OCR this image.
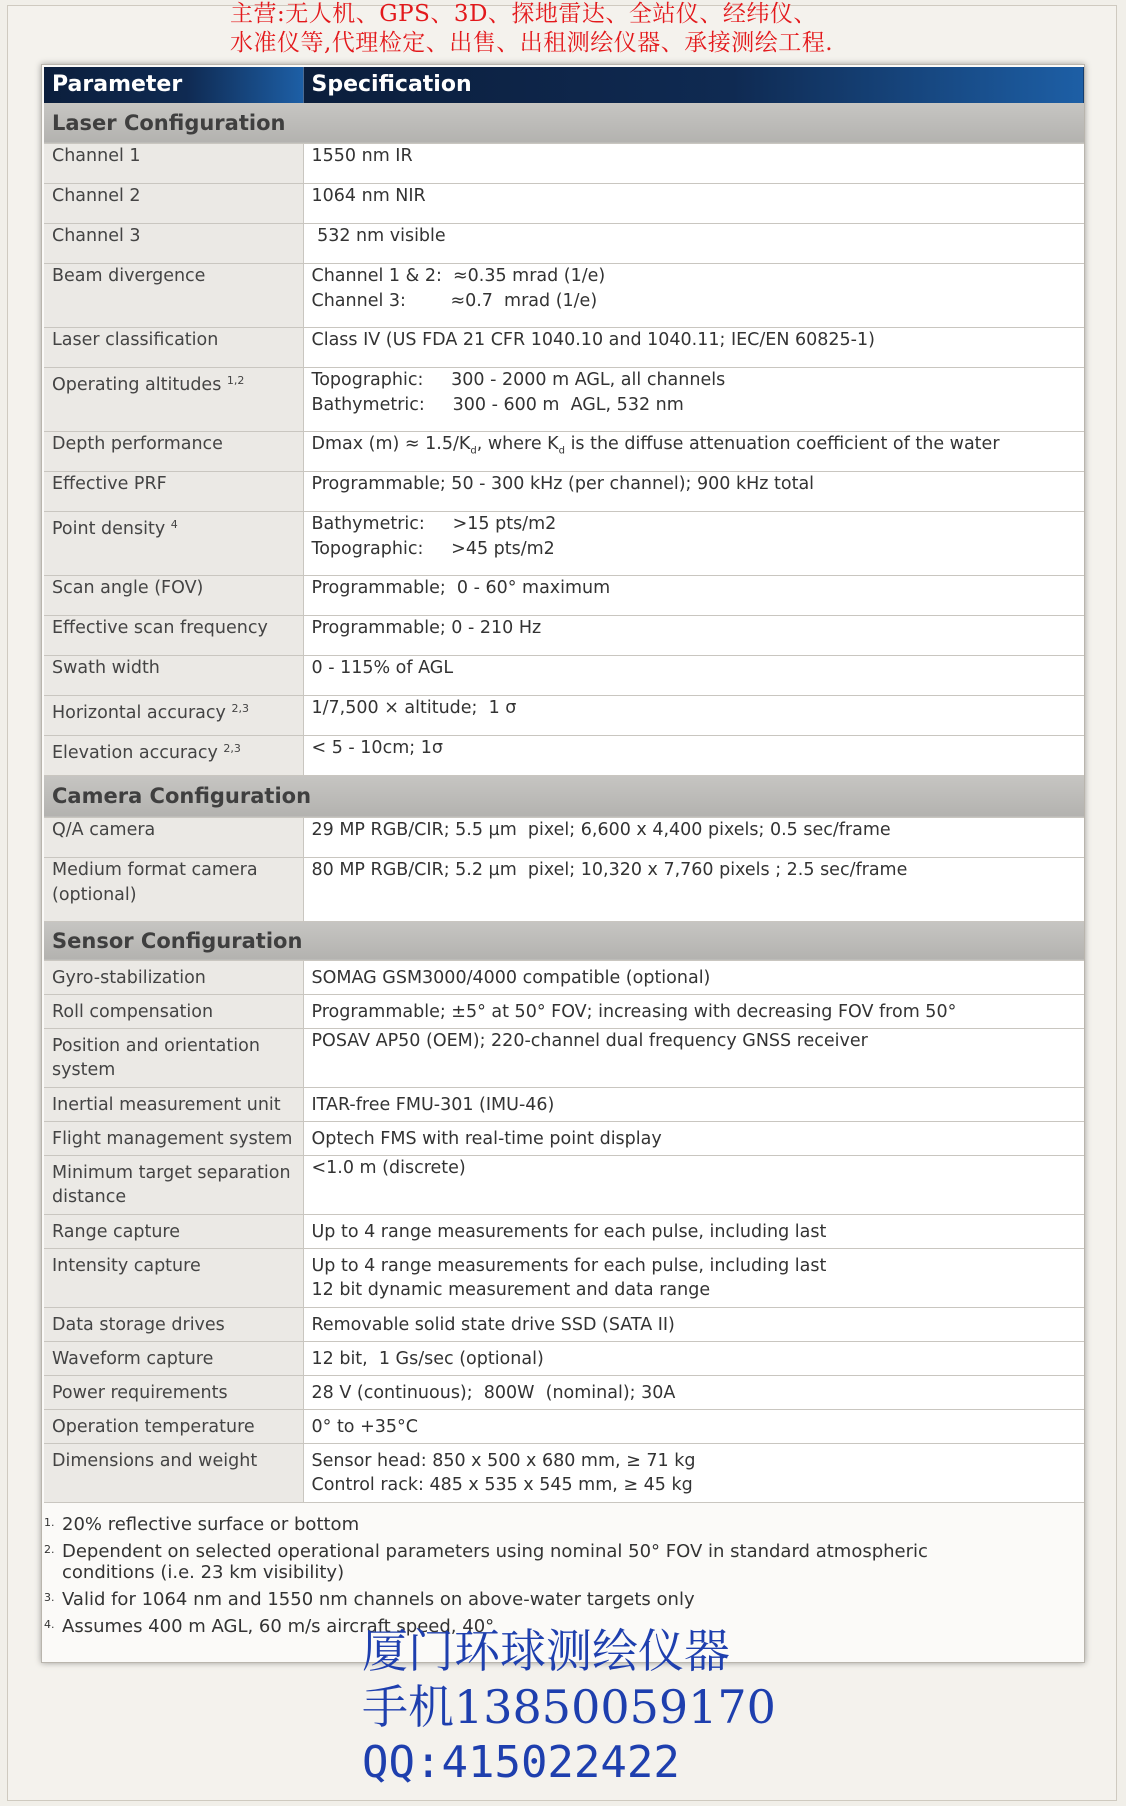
主营:无人机、GPS、3D、探地雷达、全站仪、经纬仪、
水准仪等,代理检定、出售、出租测绘仪器、承接测绘工程.
Parameter	Specification
Laser Configuration	
Channel 1	1550 nm IR

Channel 2	1064 nm NIR

Channel 3	532 nm visible

Beam divergence	Channel 1 & 2:  ≈0.35 mrad (1/e)
Channel 3:        ≈0.7  mrad (1/e)

Laser classification	Class IV (US FDA 21 CFR 1040.10 and 1040.11; IEC/EN 60825-1)

Operating altitudes $^{1,2}$	Topographic:     300 - 2000 m AGL, all channels
Bathymetric:     300 - 600 m  AGL, 532 nm

Depth performance	Dmax $(m) \approx 1.5/K_d$, where $K_d$ is the diffuse attenuation coefficient of the water
Effective PRF	Programmable; 50 - 300 kHz (per channel); 900 kHz total

Point density $^4$	Bathymetric:     >15 pts/m2
Topographic:     >45 pts/m2

Scan angle (FOV)	Programmable;  0 - 60° maximum

Effective scan frequency	Programmable; 0 - 210 Hz

Swath width	0 - 115% of AGL

Horizontal accuracy $^{2,3}$	1/7,500 × altitude;  1 σ

Elevation accuracy $^{2,3}$	< 5 - 10cm; 1σ

Camera Configuration	
Q/A camera	29 MP RGB/CIR; 5.5 µm  pixel; 6,600 x 4,400 pixels; 0.5 sec/frame

Medium format camera (optional)	80 MP RGB/CIR; 5.2 µm  pixel; 10,320 x 7,760 pixels ; 2.5 sec/frame

Sensor Configuration	
Gyro-stabilization	SOMAG GSM3000/4000 compatible (optional)

Roll compensation	Programmable; ±5° at 50° FOV; increasing with decreasing FOV from 50°

Position and orientation system	POSAV AP50 (OEM); 220-channel dual frequency GNSS receiver

Inertial measurement unit	ITAR-free FMU-301 (IMU-46)

Flight management system	Optech FMS with real-time point display

Minimum target separation distance	<1.0 m (discrete)

Range capture	Up to 4 range measurements for each pulse, including last

Intensity capture	Up to 4 range measurements for each pulse, including last
12 bit dynamic measurement and data range

Data storage drives	Removable solid state drive SSD (SATA II)

Waveform capture	12 bit,  1 Gs/sec (optional)

Power requirements	28 V (continuous);  800W  (nominal); 30A

Operation temperature	0° to +35°C

Dimensions and weight	Sensor head: 850 x 500 x 680 mm, ≥ 71 kg
Control rack: 485 x 535 x 545 mm, ≥ 45 kg
1. 20% reflective surface or bottom
2. Dependent on selected operational parameters using nominal 50° FOV in standard atmospheric conditions (i.e. 23 km visibility)
3. Valid for 1064 nm and 1550 nm channels on above-water targets only
4. Assumes 400 m AGL, 60 m/s aircraft speed, 40°
厦门环球测绘仪器
手机13850059170
QQ:415022422
